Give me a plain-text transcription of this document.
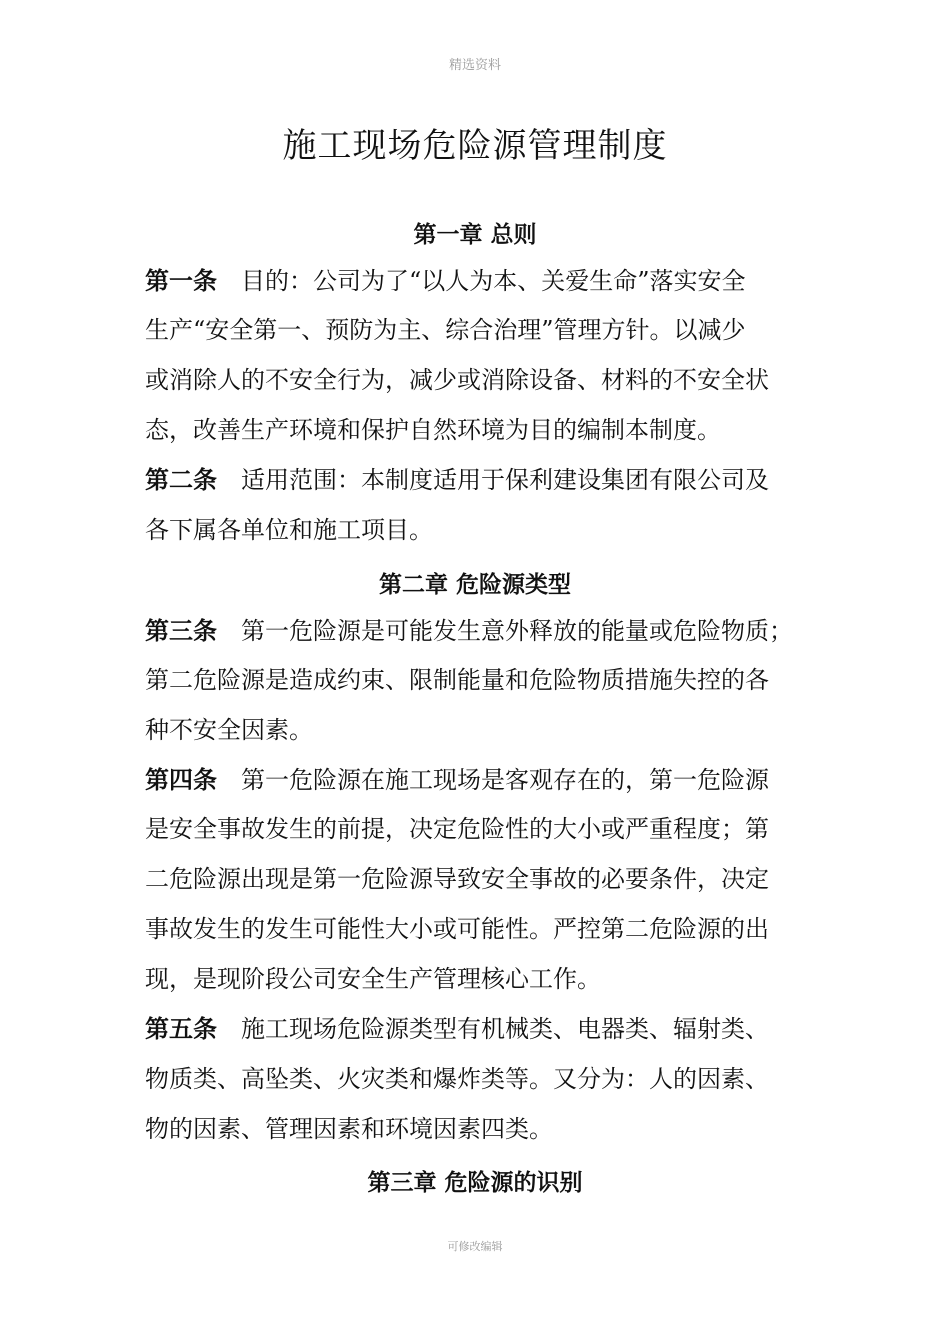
精选资料
施工现场危险源管理制度
第一章 总则
第一条 目的：公司为了“以人为本、关爱生命”落实安全
生产“安全第一、预防为主、综合治理”管理方针。以减少
或消除人的不安全行为，减少或消除设备、材料的不安全状
态，改善生产环境和保护自然环境为目的编制本制度。
第二条 适用范围：本制度适用于保利建设集团有限公司及
各下属各单位和施工项目。
第二章 危险源类型
第三条 第一危险源是可能发生意外释放的能量或危险物质；
第二危险源是造成约束、限制能量和危险物质措施失控的各
种不安全因素。
第四条 第一危险源在施工现场是客观存在的，第一危险源
是安全事故发生的前提，决定危险性的大小或严重程度；第
二危险源出现是第一危险源导致安全事故的必要条件，决定
事故发生的发生可能性大小或可能性。严控第二危险源的出
现，是现阶段公司安全生产管理核心工作。
第五条 施工现场危险源类型有机械类、电器类、辐射类、
物质类、高坠类、火灾类和爆炸类等。又分为：人的因素、
物的因素、管理因素和环境因素四类。
第三章 危险源的识别
可修改编辑
